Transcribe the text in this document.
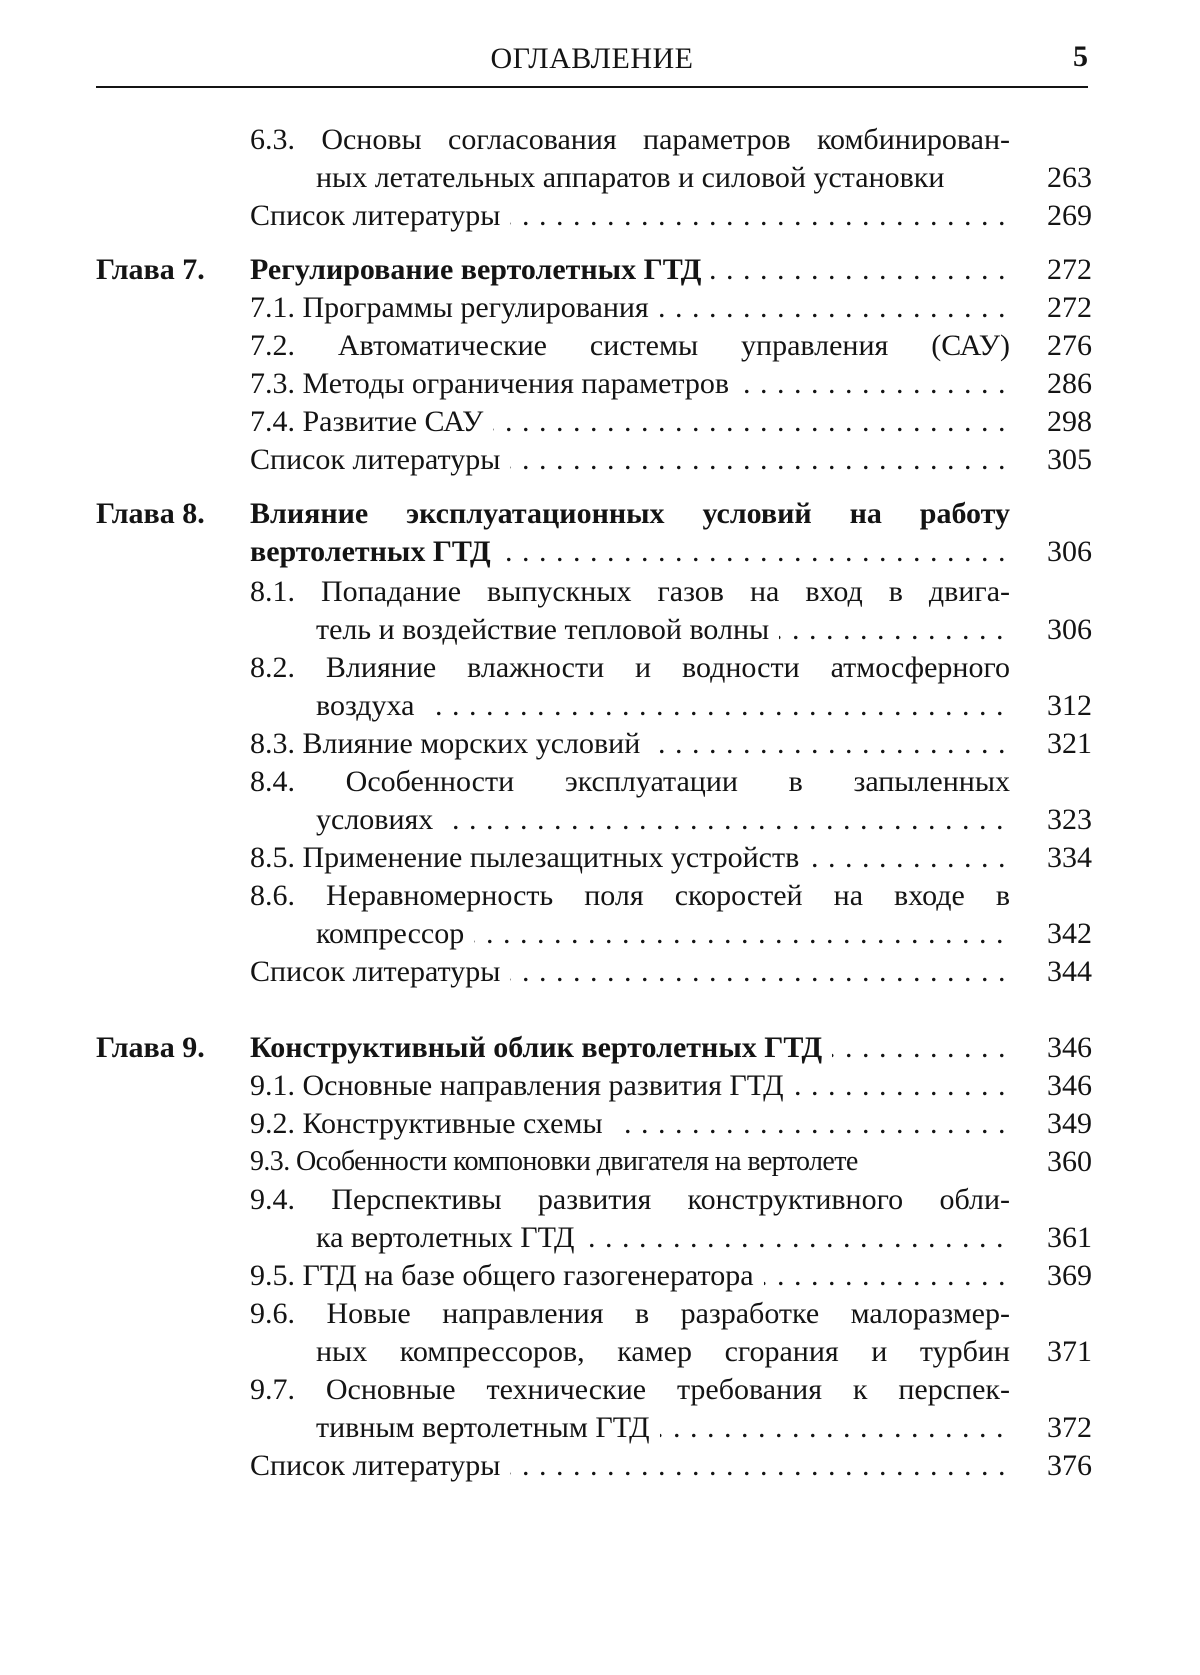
ОГЛАВЛЕНИЕ	5
6.3. Основы согласования параметров комбинирован-
ных летательных аппаратов и силовой установки	263
Список литературы . . .	269
Глава 7. Регулирование вертолетных ГТД . . .	272
7.1. Программы регулирования . . .	272
7.2. Автоматические системы управления (САУ)	276
7.3. Методы ограничения параметров . . .	286
7.4. Развитие САУ . . .	298
Список литературы . . .	305
Глава 8. Влияние эксплуатационных условий на работу
вертолетных ГТД . . .	306
8.1. Попадание выпускных газов на вход в двига-
тель и воздействие тепловой волны . . .	306
8.2. Влияние влажности и водности атмосферного
воздуха . . .	312
8.3. Влияние морских условий . . .	321
8.4. Особенности эксплуатации в запыленных
условиях . . .	323
8.5. Применение пылезащитных устройств . . .	334
8.6. Неравномерность поля скоростей на входе в
компрессор . . .	342
Список литературы . . .	344
Глава 9. Конструктивный облик вертолетных ГТД . . .	346
9.1. Основные направления развития ГТД . . .	346
9.2. Конструктивные схемы . . .	349
9.3. Особенности компоновки двигателя на вертолете	360
9.4. Перспективы развития конструктивного обли-
ка вертолетных ГТД . . .	361
9.5. ГТД на базе общего газогенератора . . .	369
9.6. Новые направления в разработке малоразмер-
ных компрессоров, камер сгорания и турбин	371
9.7. Основные технические требования к перспек-
тивным вертолетным ГТД . . .	372
Список литературы . . .	376
